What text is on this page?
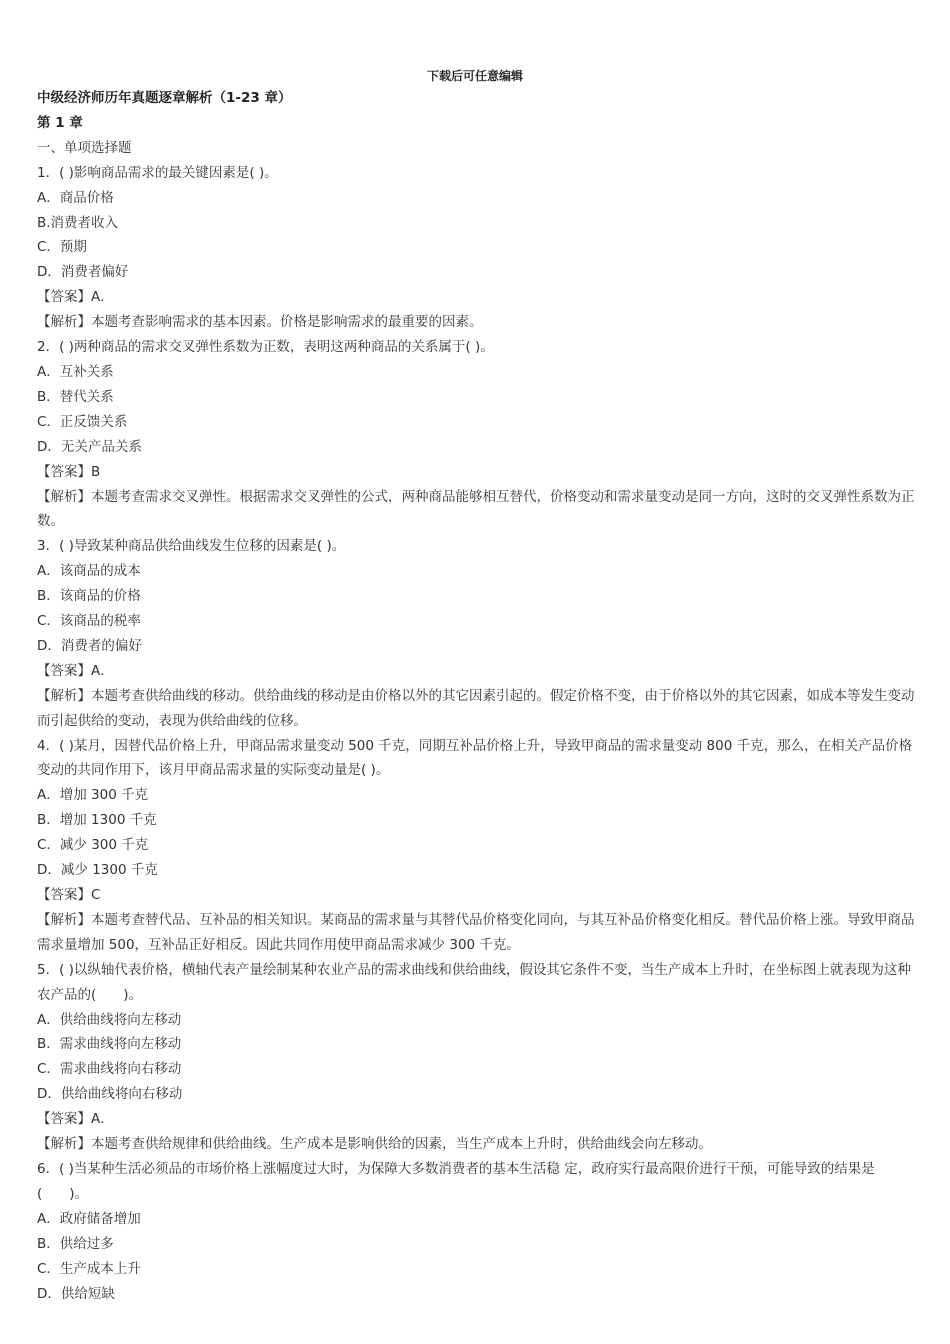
下载后可任意编辑

中级经济师历年真题逐章解析（1-23 章）

第 1 章

一、单项选择题

1．( )影响商品需求的最关键因素是( )。

A．商品价格

B.消费者收入

C．预期

D．消费者偏好

【答案】A．

【解析】本题考查影响需求的基本因素。价格是影响需求的最重要的因素。

2．( )两种商品的需求交叉弹性系数为正数，表明这两种商品的关系属于( )。

A．互补关系

B．替代关系

C．正反馈关系

D．无关产品关系

【答案】B

【解析】本题考查需求交叉弹性。根据需求交叉弹性的公式，两种商品能够相互替代，价格变动和需求量变动是同一方向，这时的交叉弹性系数为正数。

3．( )导致某种商品供给曲线发生位移的因素是( )。

A．该商品的成本

B．该商品的价格

C．该商品的税率

D．消费者的偏好

【答案】A．

【解析】本题考查供给曲线的移动。供给曲线的移动是由价格以外的其它因素引起的。假定价格不变，由于价格以外的其它因素，如成本等发生变动而引起供给的变动，表现为供给曲线的位移。

4．( )某月，因替代品价格上升，甲商品需求量变动 500 千克，同期互补品价格上升，导致甲商品的需求量变动 800 千克，那么，在相关产品价格变动的共同作用下，该月甲商品需求量的实际变动量是( )。

A．增加 300 千克

B．增加 1300 千克

C．减少 300 千克

D．减少 1300 千克

【答案】C

【解析】本题考查替代品、互补品的相关知识。某商品的需求量与其替代品价格变化同向，与其互补品价格变化相反。替代品价格上涨。导致甲商品需求量增加 500，互补品正好相反。因此共同作用使甲商品需求减少 300 千克。

5．( )以纵轴代表价格，横轴代表产量绘制某种农业产品的需求曲线和供给曲线，假设其它条件不变，当生产成本上升时，在坐标图上就表现为这种农产品的(　　)。

A．供给曲线将向左移动

B．需求曲线将向左移动

C．需求曲线将向右移动

D．供给曲线将向右移动

【答案】A．

【解析】本题考查供给规律和供给曲线。生产成本是影响供给的因素，当生产成本上升时，供给曲线会向左移动。

6．( )当某种生活必须品的市场价格上涨幅度过大时，为保障大多数消费者的基本生活稳 定，政府实行最高限价进行干预，可能导致的结果是(　　)。

A．政府储备增加

B．供给过多

C．生产成本上升

D．供给短缺
